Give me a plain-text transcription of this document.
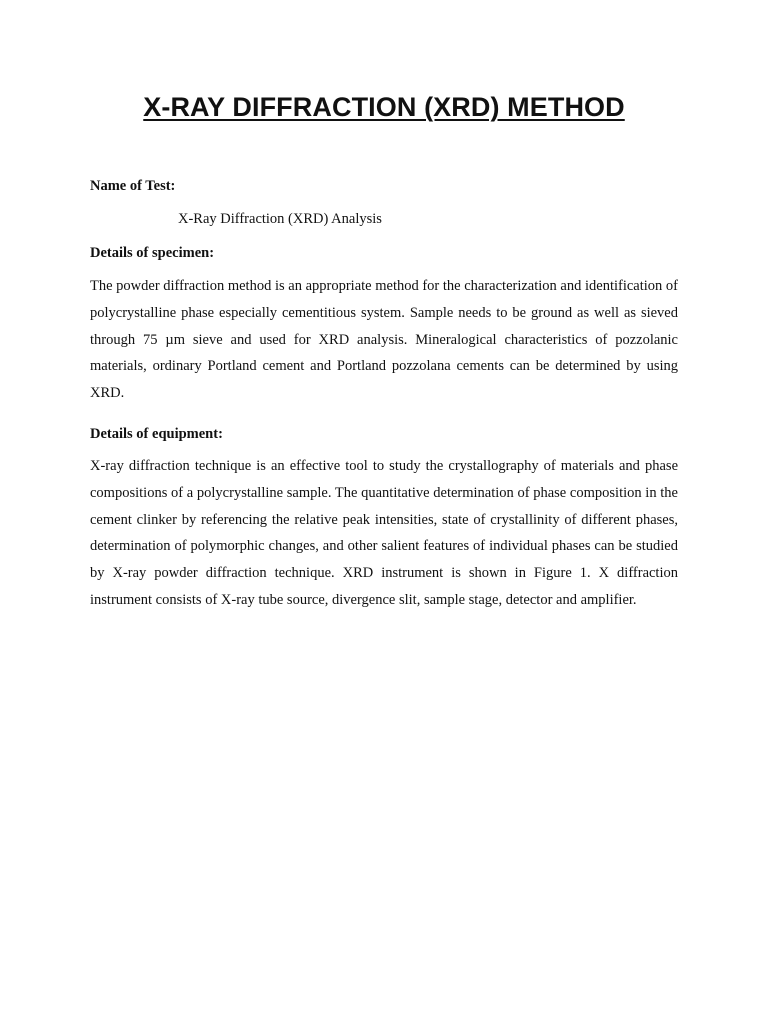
X-RAY DIFFRACTION (XRD) METHOD

Name of Test:

X-Ray Diffraction (XRD) Analysis

Details of specimen:

The powder diffraction method is an appropriate method for the characterization and identification of polycrystalline phase especially cementitious system. Sample needs to be ground as well as sieved through 75 µm sieve and used for XRD analysis. Mineralogical characteristics of pozzolanic materials, ordinary Portland cement and Portland pozzolana cements can be determined by using XRD.

Details of equipment:

X-ray diffraction technique is an effective tool to study the crystallography of materials and phase compositions of a polycrystalline sample. The quantitative determination of phase composition in the cement clinker by referencing the relative peak intensities, state of crystallinity of different phases, determination of polymorphic changes, and other salient features of individual phases can be studied by X-ray powder diffraction technique. XRD instrument is shown in Figure 1. X diffraction instrument consists of X-ray tube source, divergence slit, sample stage, detector and amplifier.
